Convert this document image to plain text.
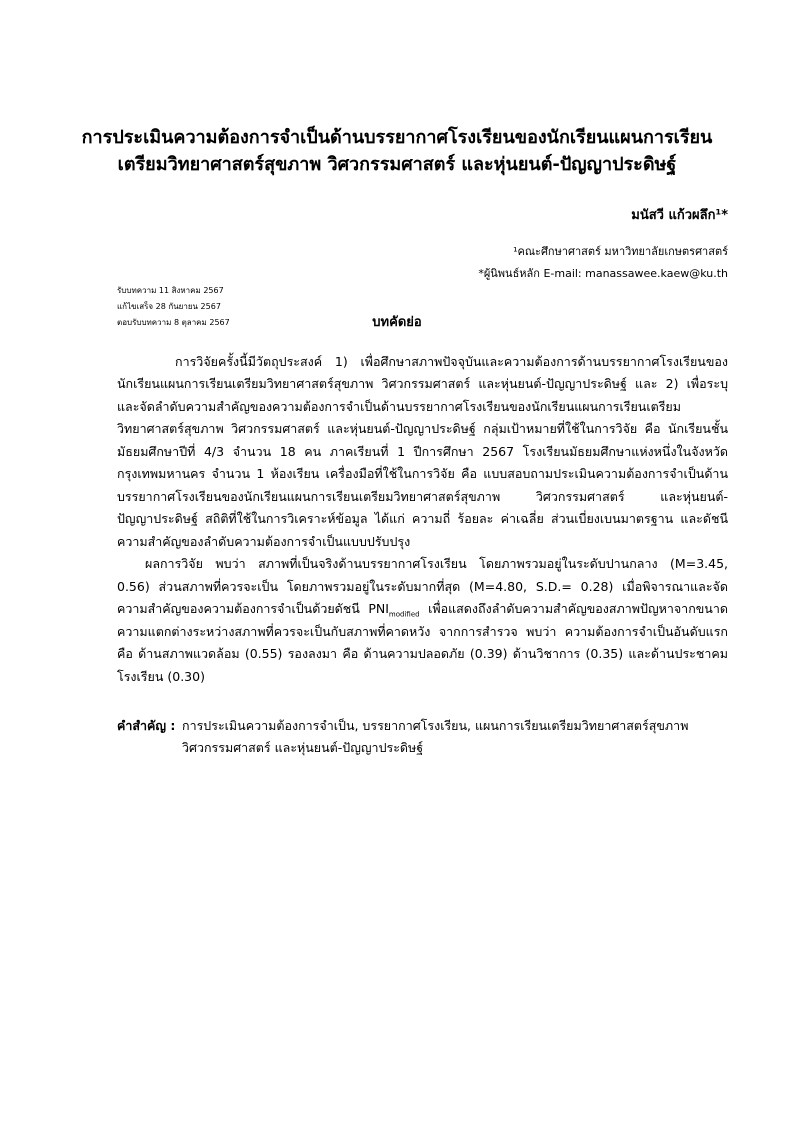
การประเมินความต้องการจำเป็นด้านบรรยากาศโรงเรียนของนักเรียนแผนการเรียน
เตรียมวิทยาศาสตร์สุขภาพ วิศวกรรมศาสตร์ และหุ่นยนต์-ปัญญาประดิษฐ์
มนัสวี แก้วผลึก¹*
¹คณะศึกษาศาสตร์ มหาวิทยาลัยเกษตรศาสตร์
*ผู้นิพนธ์หลัก E-mail: manassawee.kaew@ku.th
รับบทความ 11 สิงหาคม 2567
แก้ไขเสร็จ 28 กันยายน 2567
ตอบรับบทความ 8 ตุลาคม 2567	บทคัดย่อ
การวิจัยครั้งนี้มีวัตถุประสงค์ 1) เพื่อศึกษาสภาพปัจจุบันและความต้องการด้านบรรยากาศโรงเรียนของ
นักเรียนแผนการเรียนเตรียมวิทยาศาสตร์สุขภาพ วิศวกรรมศาสตร์ และหุ่นยนต์-ปัญญาประดิษฐ์ และ 2) เพื่อระบุ
และจัดลำดับความสำคัญของความต้องการจำเป็นด้านบรรยากาศโรงเรียนของนักเรียนแผนการเรียนเตรียม
วิทยาศาสตร์สุขภาพ วิศวกรรมศาสตร์ และหุ่นยนต์-ปัญญาประดิษฐ์ กลุ่มเป้าหมายที่ใช้ในการวิจัย คือ นักเรียนชั้น
มัธยมศึกษาปีที่ 4/3 จำนวน 18 คน ภาคเรียนที่ 1 ปีการศึกษา 2567 โรงเรียนมัธยมศึกษาแห่งหนึ่งในจังหวัด
กรุงเทพมหานคร จำนวน 1 ห้องเรียน เครื่องมือที่ใช้ในการวิจัย คือ แบบสอบถามประเมินความต้องการจำเป็นด้าน
บรรยากาศโรงเรียนของนักเรียนแผนการเรียนเตรียมวิทยาศาสตร์สุขภาพ วิศวกรรมศาสตร์ และหุ่นยนต์-
ปัญญาประดิษฐ์ สถิติที่ใช้ในการวิเคราะห์ข้อมูล ได้แก่ ความถี่ ร้อยละ ค่าเฉลี่ย ส่วนเบี่ยงเบนมาตรฐาน และดัชนี
ความสำคัญของลำดับความต้องการจำเป็นแบบปรับปรุง
ผลการวิจัย พบว่า สภาพที่เป็นจริงด้านบรรยากาศโรงเรียน โดยภาพรวมอยู่ในระดับปานกลาง (M=3.45,
0.56) ส่วนสภาพที่ควรจะเป็น โดยภาพรวมอยู่ในระดับมากที่สุด (M=4.80, S.D.= 0.28) เมื่อพิจารณาและจัด
ความสำคัญของความต้องการจำเป็นด้วยดัชนี $PNI_{modified}$ เพื่อแสดงถึงลำดับความสำคัญของสภาพปัญหาจากขนาด
ความแตกต่างระหว่างสภาพที่ควรจะเป็นกับสภาพที่คาดหวัง จากการสำรวจ พบว่า ความต้องการจำเป็นอันดับแรก
คือ ด้านสภาพแวดล้อม (0.55) รองลงมา คือ ด้านความปลอดภัย (0.39) ด้านวิชาการ (0.35) และด้านประชาคม
โรงเรียน (0.30)
คำสำคัญ : การประเมินความต้องการจำเป็น, บรรยากาศโรงเรียน, แผนการเรียนเตรียมวิทยาศาสตร์สุขภาพ
วิศวกรรมศาสตร์ และหุ่นยนต์-ปัญญาประดิษฐ์
